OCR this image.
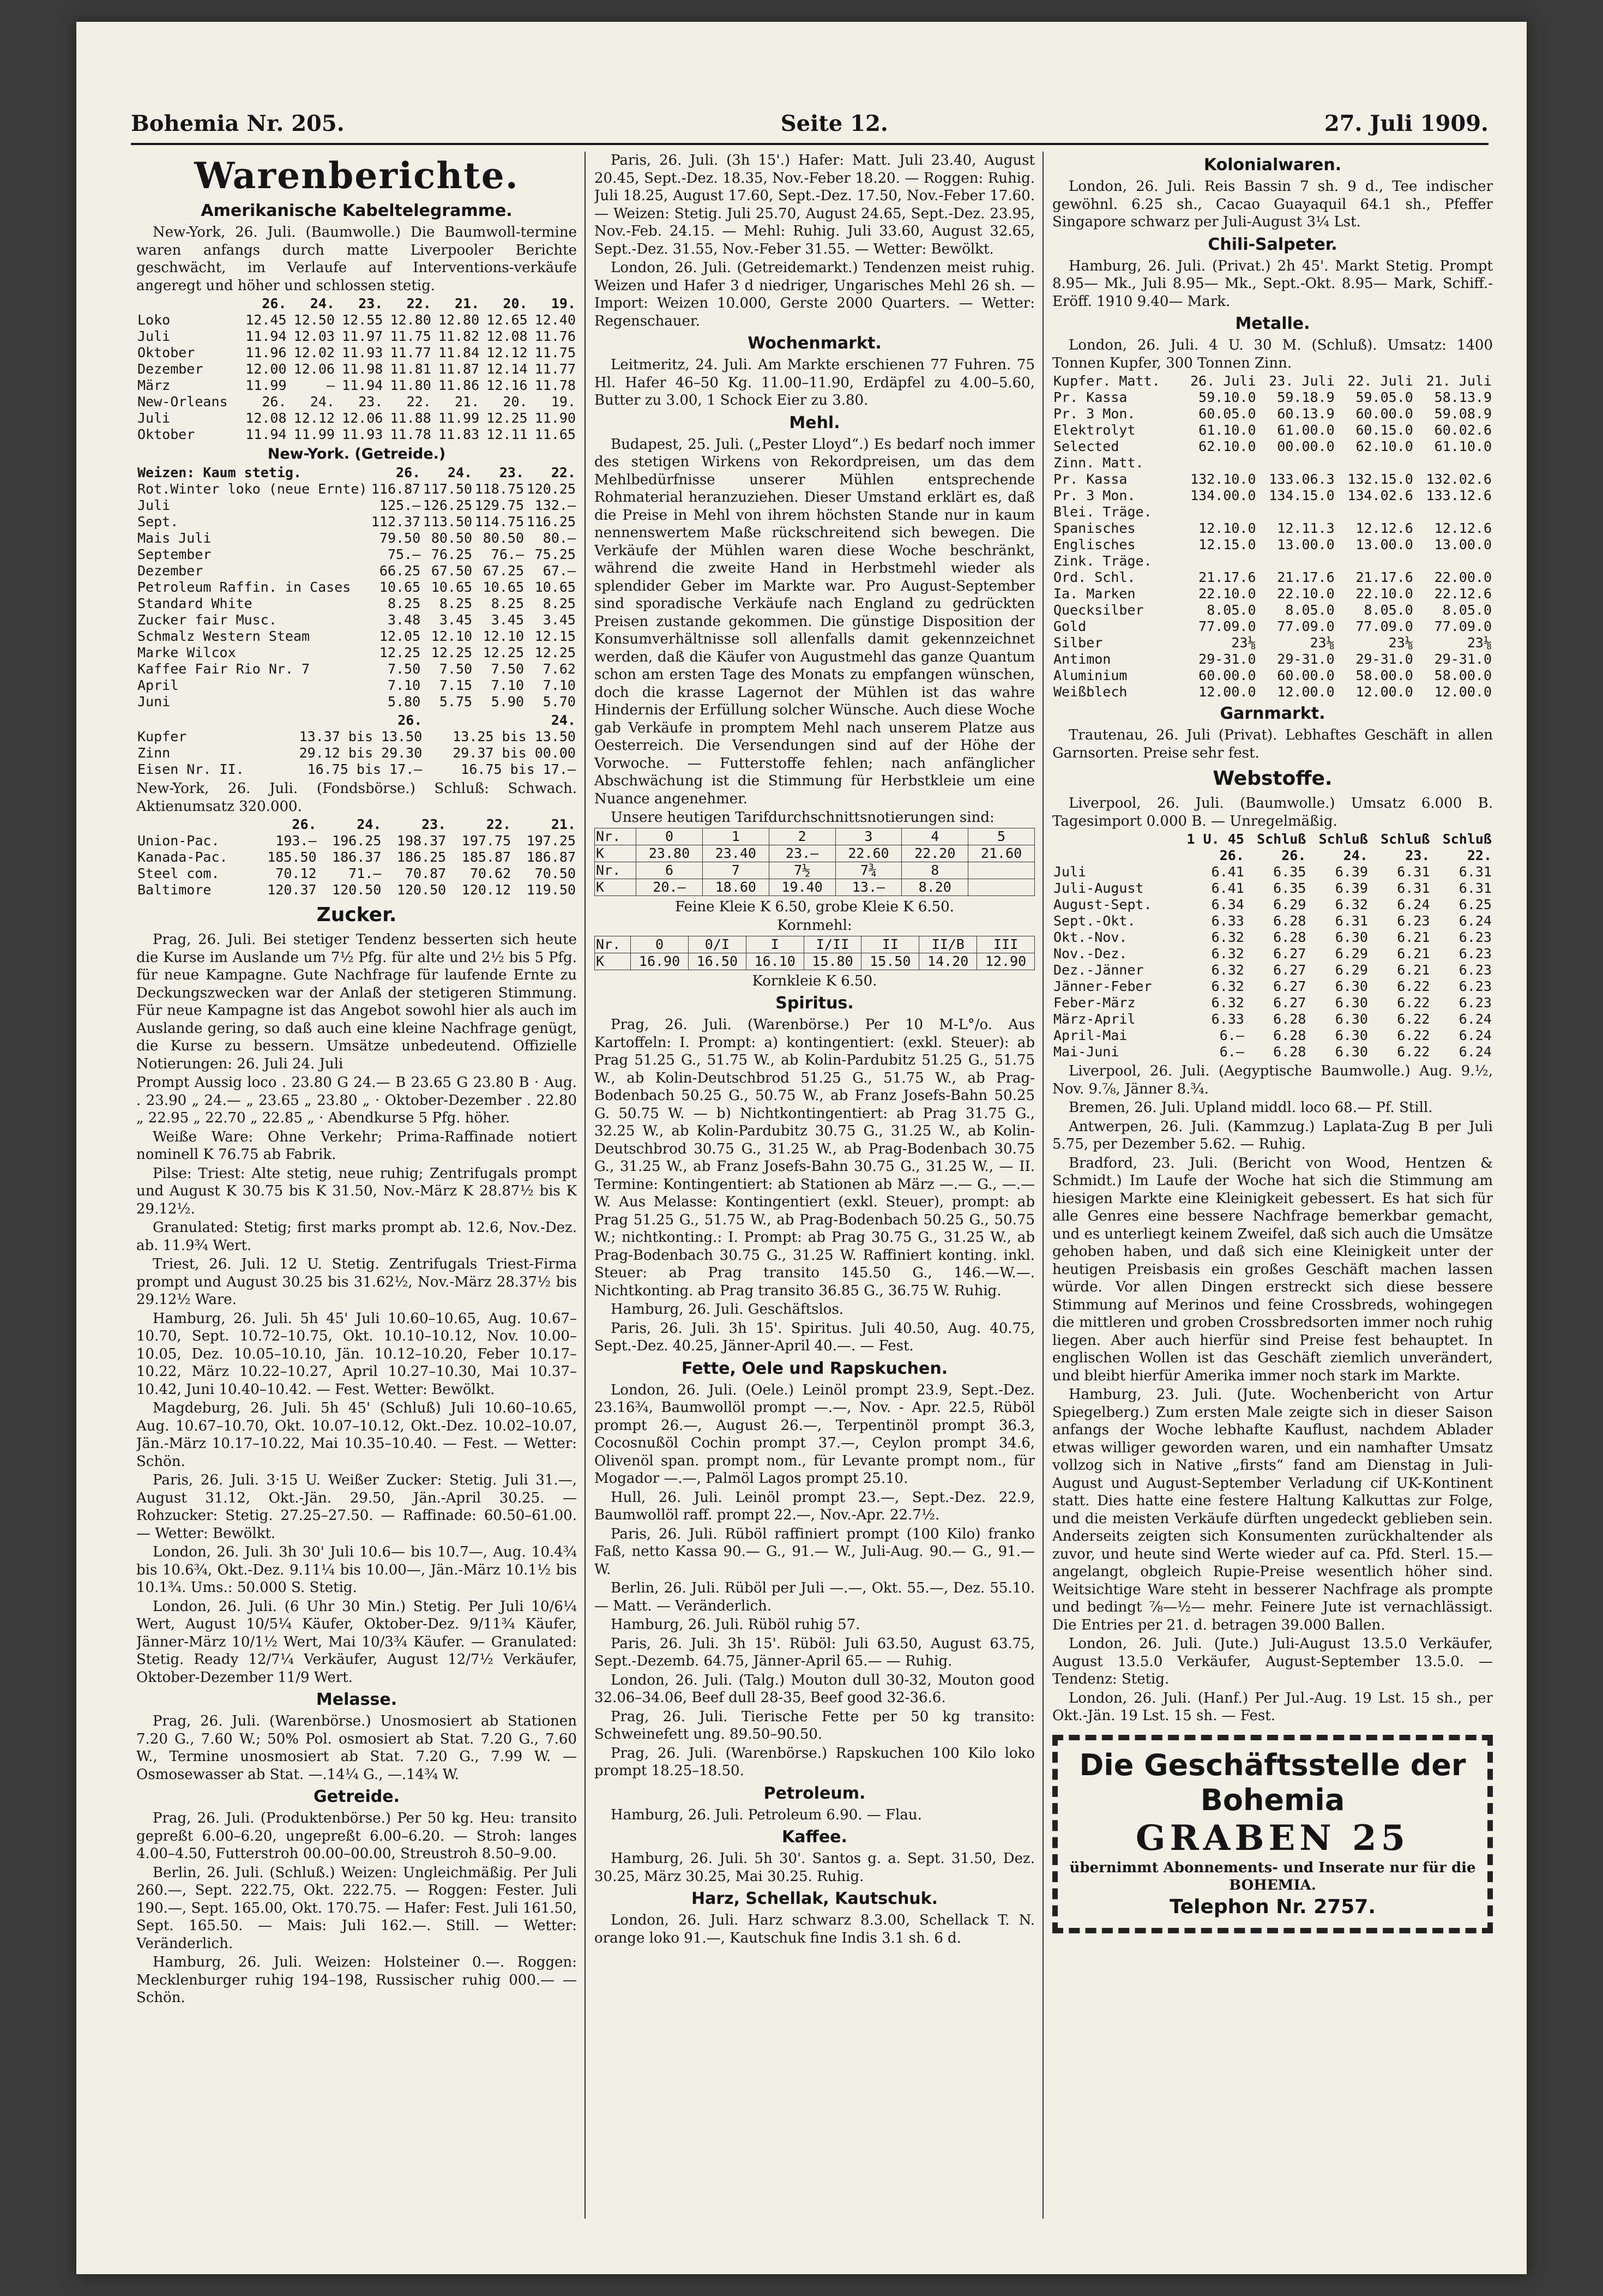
Bohemia Nr. 205.	Seite 12.	27. Juli 1909.
Warenberichte.
Amerikanische Kabeltelegramme.

New-York, 26. Juli. (Baumwolle.) Die Baumwoll-termine waren anfangs durch matte Liverpooler Berichte geschwächt, im Verlaufe auf Interventions-verkäufe angeregt und höher und schlossen stetig.

	26.	24.	23.	22.	21.	20.	19.
Loko	12.45	12.50	12.55	12.80	12.80	12.65	12.40
Juli	11.94	12.03	11.97	11.75	11.82	12.08	11.76
Oktober	11.96	12.02	11.93	11.77	11.84	12.12	11.75
Dezember	12.00	12.06	11.98	11.81	11.87	12.14	11.77
März	11.99	—	11.94	11.80	11.86	12.16	11.78
New-Orleans	26.	24.	23.	22.	21.	20.	19.
Juli	12.08	12.12	12.06	11.88	11.99	12.25	11.90
Oktober	11.94	11.99	11.93	11.78	11.83	12.11	11.65
New-York. (Getreide.)
Weizen: Kaum stetig.	26.	24.	23.	22.
Rot.Winter loko (neue Ernte)	116.87	117.50	118.75	120.25
Juli	125.—	126.25	129.75	132.—
Sept.	112.37	113.50	114.75	116.25
Mais Juli	79.50	80.50	80.50	80.—
September	75.—	76.25	76.—	75.25
Dezember	66.25	67.50	67.25	67.—
Petroleum Raffin. in Cases	10.65	10.65	10.65	10.65
Standard White	8.25	8.25	8.25	8.25
Zucker fair Musc.	3.48	3.45	3.45	3.45
Schmalz Western Steam	12.05	12.10	12.10	12.15
Marke Wilcox	12.25	12.25	12.25	12.25
Kaffee Fair Rio Nr. 7	7.50	7.50	7.50	7.62
April	7.10	7.15	7.10	7.10
Juni	5.80	5.75	5.90	5.70
	26.	24.
Kupfer	13.37 bis 13.50	13.25 bis 13.50
Zinn	29.12 bis 29.30	29.37 bis 00.00
Eisen Nr. II.	16.75 bis 17.—	16.75 bis 17.—

New-York, 26. Juli. (Fondsbörse.) Schluß: Schwach. Aktienumsatz 320.000.

	26.	24.	23.	22.	21.
Union-Pac.	193.—	196.25	198.37	197.75	197.25
Kanada-Pac.	185.50	186.37	186.25	185.87	186.87
Steel com.	70.12	71.—	70.87	70.62	70.50
Baltimore	120.37	120.50	120.50	120.12	119.50
Zucker.

Prag, 26. Juli. Bei stetiger Tendenz besserten sich heute die Kurse im Auslande um 7½ Pfg. für alte und 2½ bis 5 Pfg. für neue Kampagne. Gute Nachfrage für laufende Ernte zu Deckungszwecken war der Anlaß der stetigeren Stimmung. Für neue Kampagne ist das Angebot sowohl hier als auch im Auslande gering, so daß auch eine kleine Nachfrage genügt, die Kurse zu bessern. Umsätze unbedeutend. Offizielle Notierungen: 26. Juli 24. Juli

Prompt Aussig loco . 23.80 G 24.— B 23.65 G 23.80 B · Aug. . 23.90 „ 24.— „ 23.65 „ 23.80 „ · Oktober-Dezember . 22.80 „ 22.95 „ 22.70 „ 22.85 „ · Abendkurse 5 Pfg. höher.

Weiße Ware: Ohne Verkehr; Prima-Raffinade notiert nominell K 76.75 ab Fabrik.

Pilse: Triest: Alte stetig, neue ruhig; Zentrifugals prompt und August K 30.75 bis K 31.50, Nov.-März K 28.87½ bis K 29.12½.

Granulated: Stetig; first marks prompt ab. 12.6, Nov.-Dez. ab. 11.9¾ Wert.

Triest, 26. Juli. 12 U. Stetig. Zentrifugals Triest-Firma prompt und August 30.25 bis 31.62½, Nov.-März 28.37½ bis 29.12½ Ware.

Hamburg, 26. Juli. 5h 45' Juli 10.60–10.65, Aug. 10.67–10.70, Sept. 10.72–10.75, Okt. 10.10–10.12, Nov. 10.00–10.05, Dez. 10.05–10.10, Jän. 10.12–10.20, Feber 10.17–10.22, März 10.22–10.27, April 10.27–10.30, Mai 10.37–10.42, Juni 10.40–10.42. — Fest. Wetter: Bewölkt.

Magdeburg, 26. Juli. 5h 45' (Schluß) Juli 10.60–10.65, Aug. 10.67–10.70, Okt. 10.07–10.12, Okt.-Dez. 10.02–10.07, Jän.-März 10.17–10.22, Mai 10.35–10.40. — Fest. — Wetter: Schön.

Paris, 26. Juli. 3·15 U. Weißer Zucker: Stetig. Juli 31.—, August 31.12, Okt.-Jän. 29.50, Jän.-April 30.25. — Rohzucker: Stetig. 27.25–27.50. — Raffinade: 60.50–61.00. — Wetter: Bewölkt.

London, 26. Juli. 3h 30' Juli 10.6— bis 10.7—, Aug. 10.4¾ bis 10.6¾, Okt.-Dez. 9.11¼ bis 10.00—, Jän.-März 10.1½ bis 10.1¾. Ums.: 50.000 S. Stetig.

London, 26. Juli. (6 Uhr 30 Min.) Stetig. Per Juli 10/6¼ Wert, August 10/5¼ Käufer, Oktober-Dez. 9/11¾ Käufer, Jänner-März 10/1½ Wert, Mai 10/3¾ Käufer. — Granulated: Stetig. Ready 12/7¼ Verkäufer, August 12/7½ Verkäufer, Oktober-Dezember 11/9 Wert.

Melasse.

Prag, 26. Juli. (Warenbörse.) Unosmosiert ab Stationen 7.20 G., 7.60 W.; 50% Pol. osmosiert ab Stat. 7.20 G., 7.60 W., Termine unosmosiert ab Stat. 7.20 G., 7.99 W. — Osmosewasser ab Stat. —.14¼ G., —.14¾ W.

Getreide.

Prag, 26. Juli. (Produktenbörse.) Per 50 kg. Heu: transito gepreßt 6.00–6.20, ungepreßt 6.00–6.20. — Stroh: langes 4.00–4.50, Futterstroh 00.00–00.00, Streustroh 8.50–9.00.

Berlin, 26. Juli. (Schluß.) Weizen: Ungleichmäßig. Per Juli 260.—, Sept. 222.75, Okt. 222.75. — Roggen: Fester. Juli 190.—, Sept. 165.00, Okt. 170.75. — Hafer: Fest. Juli 161.50, Sept. 165.50. — Mais: Juli 162.—. Still. — Wetter: Veränderlich.

Hamburg, 26. Juli. Weizen: Holsteiner 0.—. Roggen: Mecklenburger ruhig 194–198, Russischer ruhig 000.— — Schön.

Paris, 26. Juli. (3h 15'.) Hafer: Matt. Juli 23.40, August 20.45, Sept.-Dez. 18.35, Nov.-Feber 18.20. — Roggen: Ruhig. Juli 18.25, August 17.60, Sept.-Dez. 17.50, Nov.-Feber 17.60. — Weizen: Stetig. Juli 25.70, August 24.65, Sept.-Dez. 23.95, Nov.-Feb. 24.15. — Mehl: Ruhig. Juli 33.60, August 32.65, Sept.-Dez. 31.55, Nov.-Feber 31.55. — Wetter: Bewölkt.

London, 26. Juli. (Getreidemarkt.) Tendenzen meist ruhig. Weizen und Hafer 3 d niedriger, Ungarisches Mehl 26 sh. — Import: Weizen 10.000, Gerste 2000 Quarters. — Wetter: Regenschauer.

Wochenmarkt.

Leitmeritz, 24. Juli. Am Markte erschienen 77 Fuhren. 75 Hl. Hafer 46–50 Kg. 11.00–11.90, Erdäpfel zu 4.00–5.60, Butter zu 3.00, 1 Schock Eier zu 3.80.

Mehl.

Budapest, 25. Juli. („Pester Lloyd“.) Es bedarf noch immer des stetigen Wirkens von Rekordpreisen, um das dem Mehlbedürfnisse unserer Mühlen entsprechende Rohmaterial heranzuziehen. Dieser Umstand erklärt es, daß die Preise in Mehl von ihrem höchsten Stande nur in kaum nennenswertem Maße rückschreitend sich bewegen. Die Verkäufe der Mühlen waren diese Woche beschränkt, während die zweite Hand in Herbstmehl wieder als splendider Geber im Markte war. Pro August-September sind sporadische Verkäufe nach England zu gedrückten Preisen zustande gekommen. Die günstige Disposition der Konsumverhältnisse soll allenfalls damit gekennzeichnet werden, daß die Käufer von Augustmehl das ganze Quantum schon am ersten Tage des Monats zu empfangen wünschen, doch die krasse Lagernot der Mühlen ist das wahre Hindernis der Erfüllung solcher Wünsche. Auch diese Woche gab Verkäufe in promptem Mehl nach unserem Platze aus Oesterreich. Die Versendungen sind auf der Höhe der Vorwoche. — Futterstoffe fehlen; nach anfänglicher Abschwächung ist die Stimmung für Herbstkleie um eine Nuance angenehmer.

Unsere heutigen Tarifdurchschnittsnotierungen sind:

Nr.	0	1	2	3	4	5
K	23.80	23.40	23.—	22.60	22.20	21.60
Nr.	6	7	7½	7¾	8	
K	20.—	18.60	19.40	13.—	8.20	

Feine Kleie K 6.50, grobe Kleie K 6.50.

Kornmehl:

Nr.	0	0/I	I	I/II	II	II/B	III
K	16.90	16.50	16.10	15.80	15.50	14.20	12.90

Kornkleie K 6.50.

Spiritus.

Prag, 26. Juli. (Warenbörse.) Per 10 M-L°/o. Aus Kartoffeln: I. Prompt: a) kontingentiert: (exkl. Steuer): ab Prag 51.25 G., 51.75 W., ab Kolin-Pardubitz 51.25 G., 51.75 W., ab Kolin-Deutschbrod 51.25 G., 51.75 W., ab Prag-Bodenbach 50.25 G., 50.75 W., ab Franz Josefs-Bahn 50.25 G. 50.75 W. — b) Nichtkontingentiert: ab Prag 31.75 G., 32.25 W., ab Kolin-Pardubitz 30.75 G., 31.25 W., ab Kolin-Deutschbrod 30.75 G., 31.25 W., ab Prag-Bodenbach 30.75 G., 31.25 W., ab Franz Josefs-Bahn 30.75 G., 31.25 W., — II. Termine: Kontingentiert: ab Stationen ab März —.— G., —.— W. Aus Melasse: Kontingentiert (exkl. Steuer), prompt: ab Prag 51.25 G., 51.75 W., ab Prag-Bodenbach 50.25 G., 50.75 W.; nichtkonting.: I. Prompt: ab Prag 30.75 G., 31.25 W., ab Prag-Bodenbach 30.75 G., 31.25 W. Raffiniert konting. inkl. Steuer: ab Prag transito 145.50 G., 146.—W.—. Nichtkonting. ab Prag transito 36.85 G., 36.75 W. Ruhig.

Hamburg, 26. Juli. Geschäftslos.

Paris, 26. Juli. 3h 15'. Spiritus. Juli 40.50, Aug. 40.75, Sept.-Dez. 40.25, Jänner-April 40.—. — Fest.

Fette, Oele und Rapskuchen.

London, 26. Juli. (Oele.) Leinöl prompt 23.9, Sept.-Dez. 23.16¾, Baumwollöl prompt —.—, Nov. - Apr. 22.5, Rüböl prompt 26.—, August 26.—, Terpentinöl prompt 36.3, Cocosnußöl Cochin prompt 37.—, Ceylon prompt 34.6, Olivenöl span. prompt nom., für Levante prompt nom., für Mogador —.—, Palmöl Lagos prompt 25.10.

Hull, 26. Juli. Leinöl prompt 23.—, Sept.-Dez. 22.9, Baumwollöl raff. prompt 22.—, Nov.-Apr. 22.7½.

Paris, 26. Juli. Rüböl raffiniert prompt (100 Kilo) franko Faß, netto Kassa 90.— G., 91.— W., Juli-Aug. 90.— G., 91.— W.

Berlin, 26. Juli. Rüböl per Juli —.—, Okt. 55.—, Dez. 55.10. — Matt. — Veränderlich.

Hamburg, 26. Juli. Rüböl ruhig 57.

Paris, 26. Juli. 3h 15'. Rüböl: Juli 63.50, August 63.75, Sept.-Dezemb. 64.75, Jänner-April 65.— — Ruhig.

London, 26. Juli. (Talg.) Mouton dull 30-32, Mouton good 32.06–34.06, Beef dull 28-35, Beef good 32-36.6.

Prag, 26. Juli. Tierische Fette per 50 kg transito: Schweinefett ung. 89.50–90.50.

Prag, 26. Juli. (Warenbörse.) Rapskuchen 100 Kilo loko prompt 18.25–18.50.

Petroleum.

Hamburg, 26. Juli. Petroleum 6.90. — Flau.

Kaffee.

Hamburg, 26. Juli. 5h 30'. Santos g. a. Sept. 31.50, Dez. 30.25, März 30.25, Mai 30.25. Ruhig.

Harz, Schellak, Kautschuk.

London, 26. Juli. Harz schwarz 8.3.00, Schellack T. N. orange loko 91.—, Kautschuk fine Indis 3.1 sh. 6 d.

Kolonialwaren.

London, 26. Juli. Reis Bassin 7 sh. 9 d., Tee indischer gewöhnl. 6.25 sh., Cacao Guayaquil 64.1 sh., Pfeffer Singapore schwarz per Juli-August 3¼ Lst.

Chili-Salpeter.

Hamburg, 26. Juli. (Privat.) 2h 45'. Markt Stetig. Prompt 8.95— Mk., Juli 8.95— Mk., Sept.-Okt. 8.95— Mark, Schiff.-Eröff. 1910 9.40— Mark.

Metalle.

London, 26. Juli. 4 U. 30 M. (Schluß). Umsatz: 1400 Tonnen Kupfer, 300 Tonnen Zinn.

Kupfer. Matt.	26. Juli	23. Juli	22. Juli	21. Juli
Pr. Kassa	59.10.0	59.18.9	59.05.0	58.13.9
Pr. 3 Mon.	60.05.0	60.13.9	60.00.0	59.08.9
Elektrolyt	61.10.0	61.00.0	60.15.0	60.02.6
Selected	62.10.0	00.00.0	62.10.0	61.10.0
Zinn. Matt.				
Pr. Kassa	132.10.0	133.06.3	132.15.0	132.02.6
Pr. 3 Mon.	134.00.0	134.15.0	134.02.6	133.12.6
Blei. Träge.				
Spanisches	12.10.0	12.11.3	12.12.6	12.12.6
Englisches	12.15.0	13.00.0	13.00.0	13.00.0
Zink. Träge.				
Ord. Schl.	21.17.6	21.17.6	21.17.6	22.00.0
Ia. Marken	22.10.0	22.10.0	22.10.0	22.12.6
Quecksilber	8.05.0	8.05.0	8.05.0	8.05.0
Gold	77.09.0	77.09.0	77.09.0	77.09.0
Silber	23⅛	23⅛	23⅛	23⅛
Antimon	29-31.0	29-31.0	29-31.0	29-31.0
Aluminium	60.00.0	60.00.0	58.00.0	58.00.0
Weißblech	12.00.0	12.00.0	12.00.0	12.00.0
Garnmarkt.

Trautenau, 26. Juli (Privat). Lebhaftes Geschäft in allen Garnsorten. Preise sehr fest.

Webstoffe.

Liverpool, 26. Juli. (Baumwolle.) Umsatz 6.000 B. Tagesimport 0.000 B. — Unregelmäßig.

	1 U. 45	Schluß	Schluß	Schluß	Schluß
	26.	26.	24.	23.	22.
Juli	6.41	6.35	6.39	6.31	6.31
Juli-August	6.41	6.35	6.39	6.31	6.31
August-Sept.	6.34	6.29	6.32	6.24	6.25
Sept.-Okt.	6.33	6.28	6.31	6.23	6.24
Okt.-Nov.	6.32	6.28	6.30	6.21	6.23
Nov.-Dez.	6.32	6.27	6.29	6.21	6.23
Dez.-Jänner	6.32	6.27	6.29	6.21	6.23
Jänner-Feber	6.32	6.27	6.30	6.22	6.23
Feber-März	6.32	6.27	6.30	6.22	6.23
März-April	6.33	6.28	6.30	6.22	6.24
April-Mai	6.—	6.28	6.30	6.22	6.24
Mai-Juni	6.—	6.28	6.30	6.22	6.24

Liverpool, 26. Juli. (Aegyptische Baumwolle.) Aug. 9.½, Nov. 9.⅞, Jänner 8.¾.

Bremen, 26. Juli. Upland middl. loco 68.— Pf. Still.

Antwerpen, 26. Juli. (Kammzug.) Laplata-Zug B per Juli 5.75, per Dezember 5.62. — Ruhig.

Bradford, 23. Juli. (Bericht von Wood, Hentzen & Schmidt.) Im Laufe der Woche hat sich die Stimmung am hiesigen Markte eine Kleinigkeit gebessert. Es hat sich für alle Genres eine bessere Nachfrage bemerkbar gemacht, und es unterliegt keinem Zweifel, daß sich auch die Umsätze gehoben haben, und daß sich eine Kleinigkeit unter der heutigen Preisbasis ein großes Geschäft machen lassen würde. Vor allen Dingen erstreckt sich diese bessere Stimmung auf Merinos und feine Crossbreds, wohingegen die mittleren und groben Crossbredsorten immer noch ruhig liegen. Aber auch hierfür sind Preise fest behauptet. In englischen Wollen ist das Geschäft ziemlich unverändert, und bleibt hierfür Amerika immer noch stark im Markte.

Hamburg, 23. Juli. (Jute. Wochenbericht von Artur Spiegelberg.) Zum ersten Male zeigte sich in dieser Saison anfangs der Woche lebhafte Kauflust, nachdem Ablader etwas williger geworden waren, und ein namhafter Umsatz vollzog sich in Native „firsts“ fand am Dienstag in Juli-August und August-September Verladung cif UK-Kontinent statt. Dies hatte eine festere Haltung Kalkuttas zur Folge, und die meisten Verkäufe dürften ungedeckt geblieben sein. Anderseits zeigten sich Konsumenten zurückhaltender als zuvor, und heute sind Werte wieder auf ca. Pfd. Sterl. 15.— angelangt, obgleich Rupie-Preise wesentlich höher sind. Weitsichtige Ware steht in besserer Nachfrage als prompte und bedingt ⅞—½— mehr. Feinere Jute ist vernachlässigt. Die Entries per 21. d. betragen 39.000 Ballen.

London, 26. Juli. (Jute.) Juli-August 13.5.0 Verkäufer, August 13.5.0 Verkäufer, August-September 13.5.0. — Tendenz: Stetig.

London, 26. Juli. (Hanf.) Per Jul.-Aug. 19 Lst. 15 sh., per Okt.-Jän. 19 Lst. 15 sh. — Fest.

Die Geschäftsstelle der Bohemia
GRABEN 25
übernimmt Abonnements- und Inserate nur für die BOHEMIA.
Telephon Nr. 2757.
